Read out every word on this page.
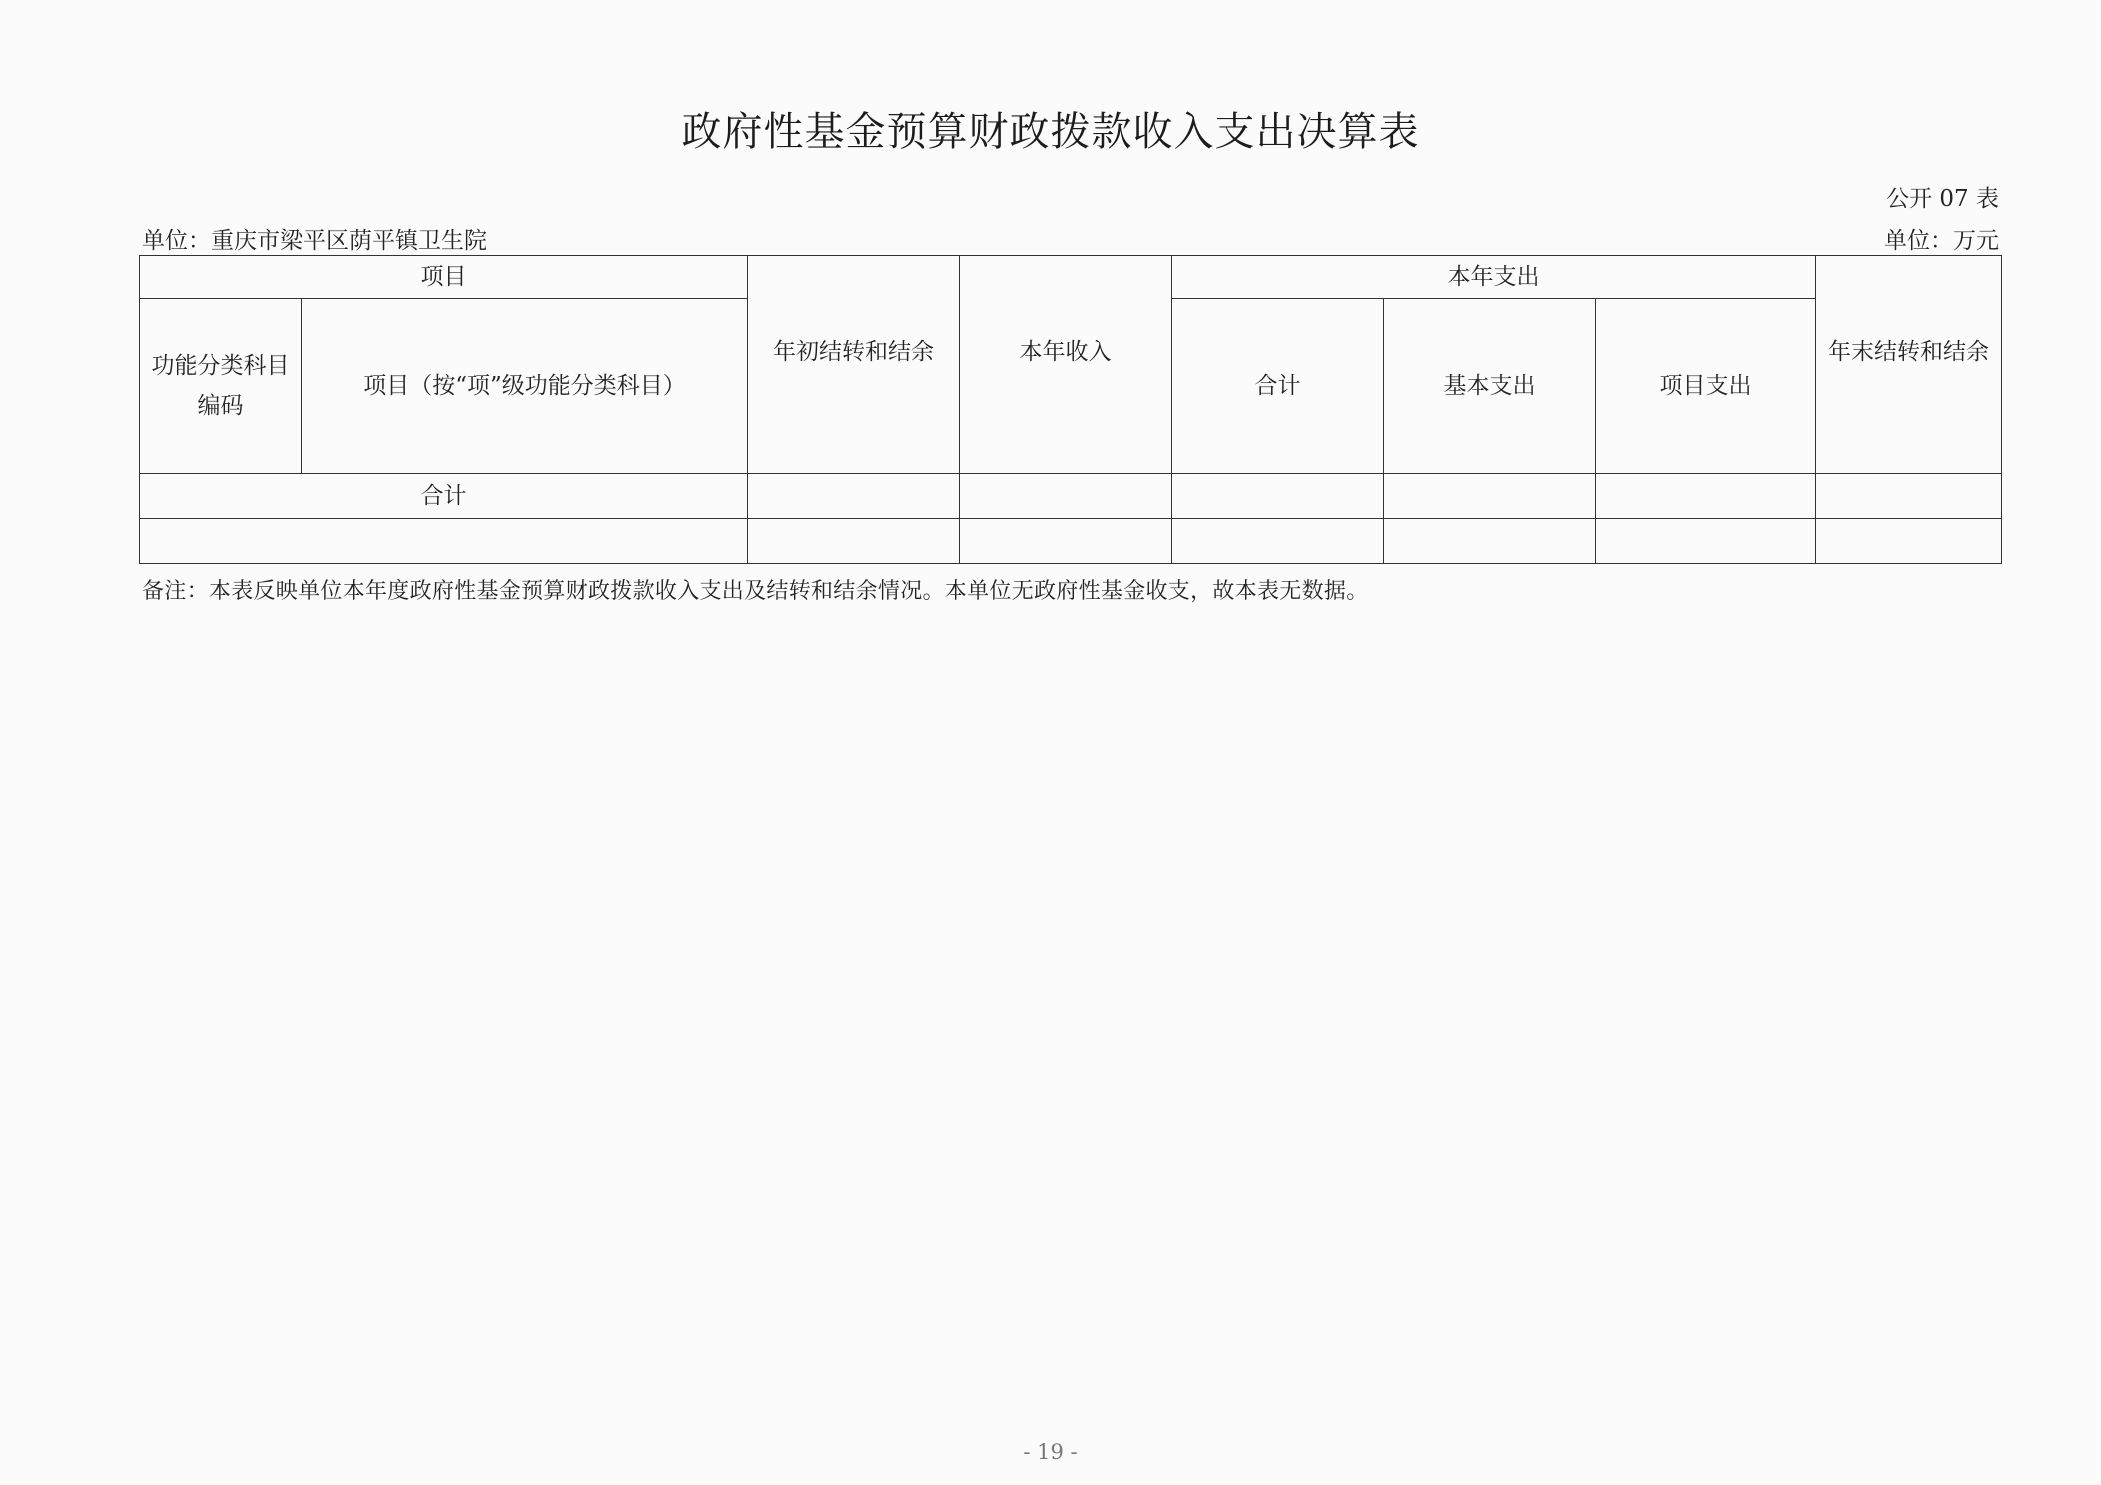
政府性基金预算财政拨款收入支出决算表
公开 07 表
单位：重庆市梁平区荫平镇卫生院	单位：万元
项目		年初结转和结余	本年收入	本年支出			年末结转和结余
功能分类科目编码	项目（按“项”级功能分类科目）			合计	基本支出	项目支出	
合计							

备注：本表反映单位本年度政府性基金预算财政拨款收入支出及结转和结余情况。本单位无政府性基金收支，故本表无数据。
- 19 -
